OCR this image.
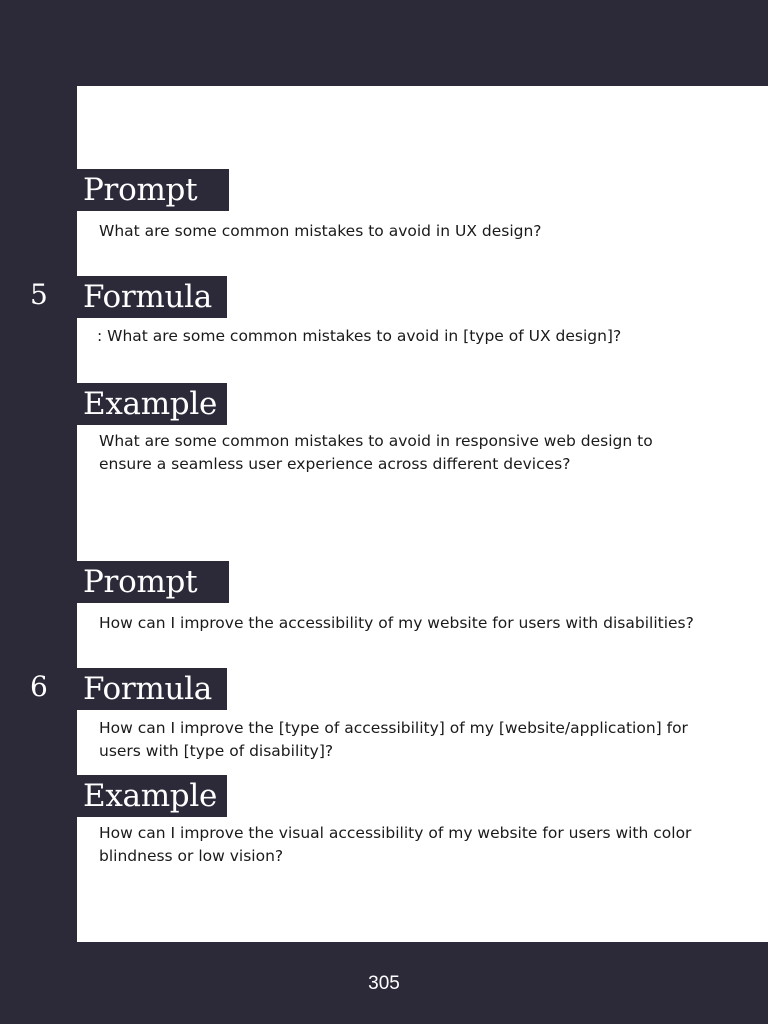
Prompt

What are some common mistakes to avoid in UX design?

5 Formula

: What are some common mistakes to avoid in [type of UX design]?

Example

What are some common mistakes to avoid in responsive web design to ensure a seamless user experience across different devices?

Prompt

How can I improve the accessibility of my website for users with disabilities?

6 Formula

How can I improve the [type of accessibility] of my [website/application] for users with [type of disability]?

Example

How can I improve the visual accessibility of my website for users with color blindness or low vision?

305
